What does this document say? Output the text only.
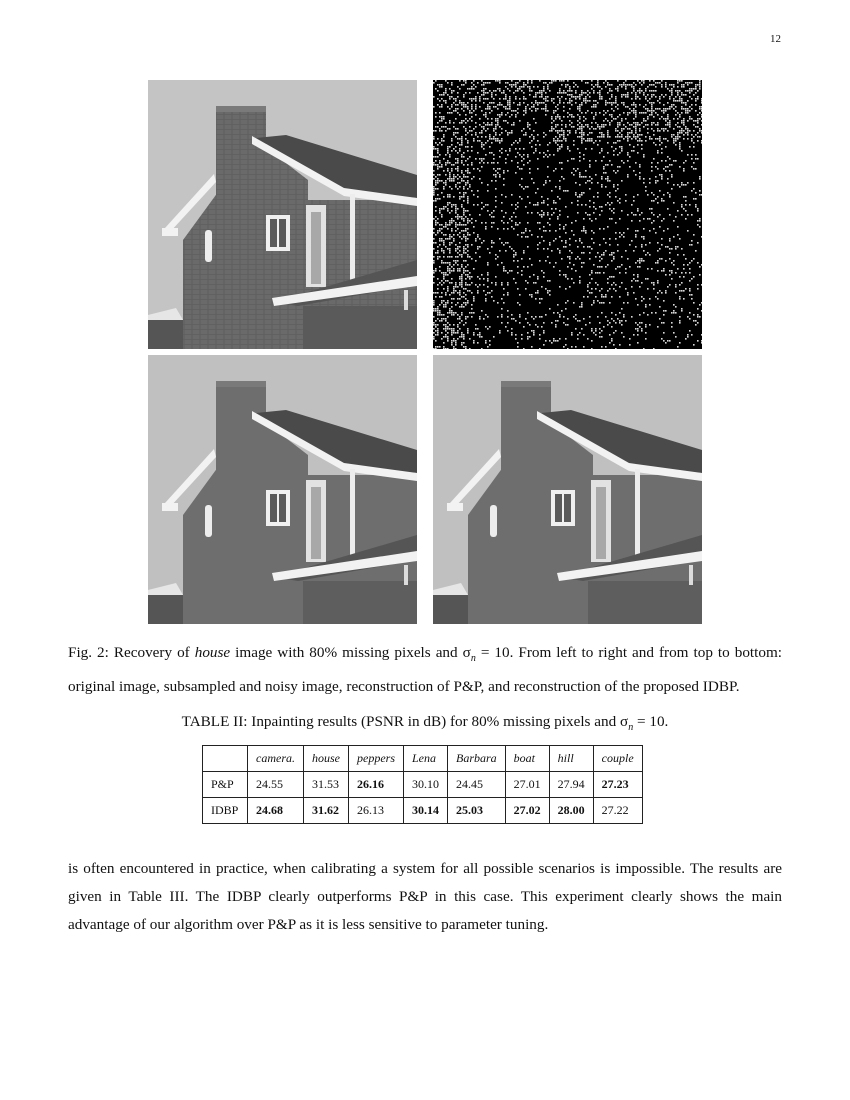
12
Fig. 2: Recovery of house image with 80% missing pixels and $\sigma_n = 10$. From left to right and from top to bottom: original image, subsampled and noisy image, reconstruction of P&P, and reconstruction of the proposed IDBP.
TABLE II: Inpainting results (PSNR in dB) for 80% missing pixels and $\sigma_n = 10$.
	camera.	house	peppers	Lena	Barbara	boat	hill	couple
P&P	24.55	31.53	26.16	30.10	24.45	27.01	27.94	27.23
IDBP	24.68	31.62	26.13	30.14	25.03	27.02	28.00	27.22
is often encountered in practice, when calibrating a system for all possible scenarios is impossible. The results are given in Table III. The IDBP clearly outperforms P&P in this case. This experiment clearly shows the main advantage of our algorithm over P&P as it is less sensitive to parameter tuning.
